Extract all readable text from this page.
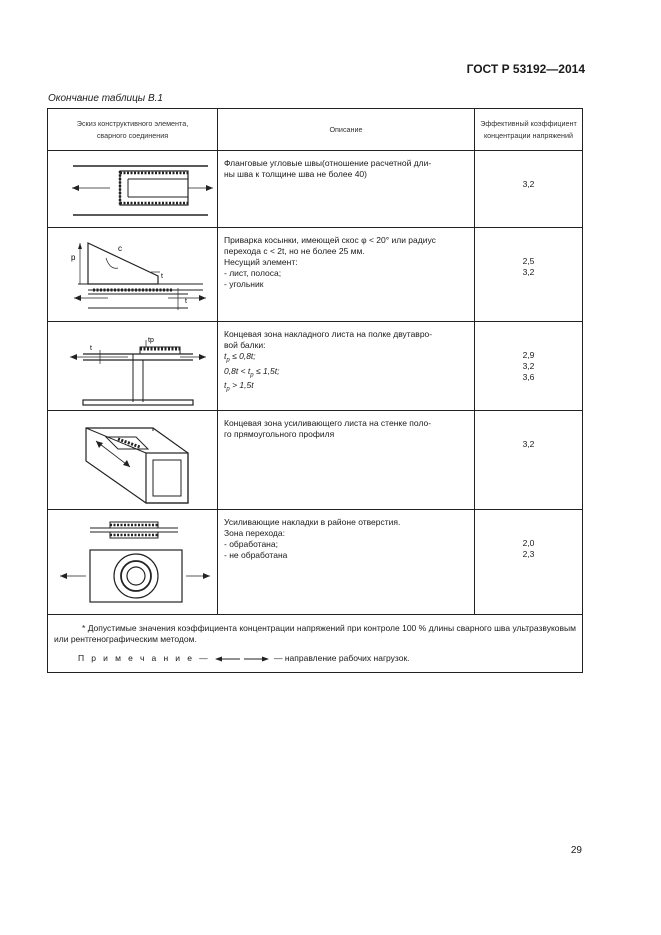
ГОСТ Р 53192—2014
Окончание таблицы В.1
Эскиз конструктивного элемента, сварного соединения	Описание	Эффективный коэффициент концентрации напряжений

Фланговые угловые швы(отношение расчетной дли-
ны шва к толщине шва не более 40)	3,2

p
c
t
t	Приварка косынки, имеющей скос φ < 20° или радиус
перехода c < 2t, но не более 25 мм.
Несущий элемент:
- лист, полоса;
- угольник	2,5
3,2

tp
t	Концевая зона накладного листа на полке двутавро-
вой балки:
$t_p \le 0,8t$;
$0,8t < t_p \le 1,5t$;
$t_p > 1,5t$	2,9
3,2
3,6

Концевая зона усиливающего листа на стенке поло-
го прямоугольного профиля	3,2

Усиливающие накладки в районе отверстия.
Зона перехода:
- обработана;
- не обработана	2,0
2,3

* Допустимые значения коэффициента концентрации напряжений при контроле 100 % длины сварного шва ультразвуковым или рентгенографическим методом.
П р и м е ч а н и е — — направление рабочих нагрузок.		
29
